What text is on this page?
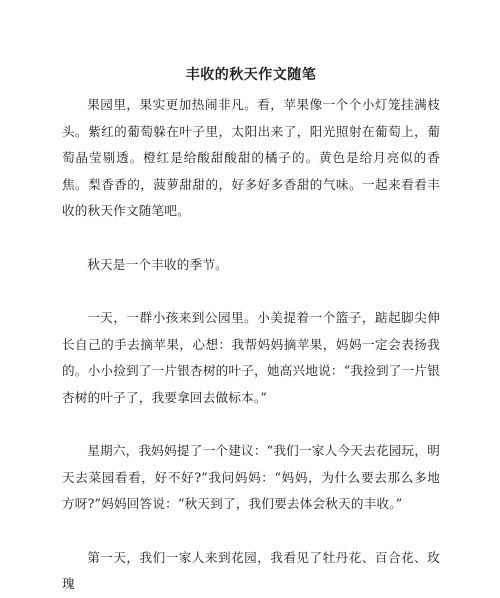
丰收的秋天作文随笔

果园里，果实更加热闹非凡。看，苹果像一个个小灯笼挂满枝头。紫红的葡萄躲在叶子里，太阳出来了，阳光照射在葡萄上，葡萄晶莹剔透。橙红是给酸甜酸甜的橘子的。黄色是给月亮似的香焦。梨香香的，菠萝甜甜的，好多好多香甜的气味。一起来看看丰收的秋天作文随笔吧。

秋天是一个丰收的季节。

一天，一群小孩来到公园里。小美提着一个篮子，踮起脚尖伸长自己的手去摘苹果，心想：我帮妈妈摘苹果，妈妈一定会表扬我的。小小捡到了一片银杏树的叶子，她高兴地说：“我捡到了一片银杏树的叶子了，我要拿回去做标本。”

星期六，我妈妈提了一个建议：“我们一家人今天去花园玩，明天去菜园看看，好不好?”我问妈妈：“妈妈，为什么要去那么多地方呀?”妈妈回答说：“秋天到了，我们要去体会秋天的丰收。”

第一天，我们一家人来到花园，我看见了牡丹花、百合花、玫瑰
